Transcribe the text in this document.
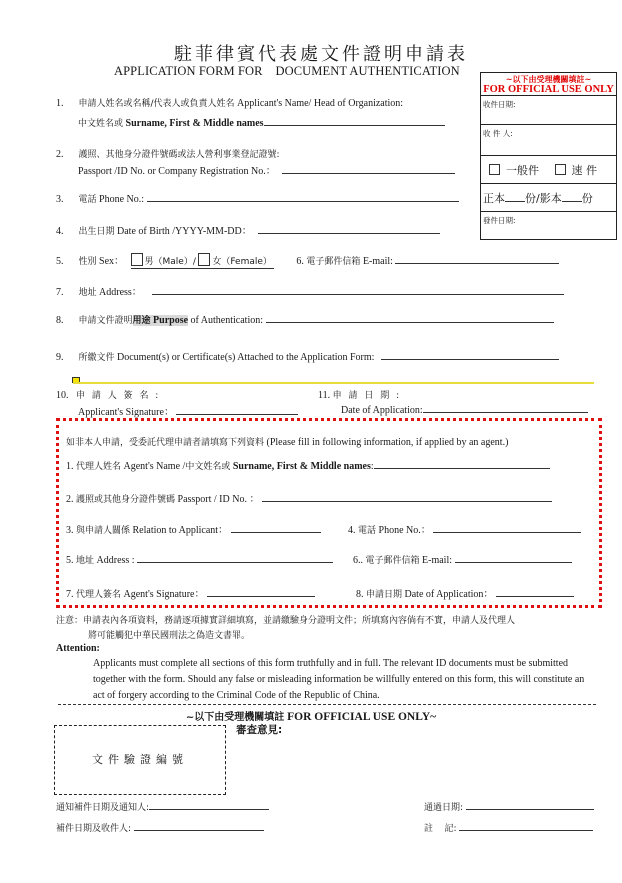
駐菲律賓代表處文件證明申請表
APPLICATION FORM FOR    DOCUMENT AUTHENTICATION
~以下由受理機關填註~
FOR OFFICIAL USE ONLY
收件日期:
收 件 人:
一般件	速 件
正本 份/影本 份
發件日期:
1. 申請人姓名或名稱/代表人或負責人姓名 Applicant's Name/ Head of Organization:
中文姓名或 Surname, First & Middle names
2. 護照、其他身分證件號碼或法人營利事業登記證號:
Passport /ID No. or Company Registration No.：
3. 電話 Phone No.:
4. 出生日期 Date of Birth /YYYY-MM-DD：
5. 性別 Sex： 男（Male）/ 女（Female） 6. 電子郵件信箱 E-mail:
7. 地址 Address：
8. 申請文件證明用途 Purpose of Authentication:
9. 所繳文件 Document(s) or Certificate(s) Attached to the Application Form:
10. 申 請 人 簽 名 :
Applicant's Signature：
11. 申 請 日 期 :
Date of Application:
如非本人申請，受委託代理申請者請填寫下列資料 (Please fill in following information, if applied by an agent.)
1. 代理人姓名 Agent's Name /中文姓名或 Surname, First & Middle names:
2. 護照或其他身分證件號碼 Passport / ID No. ：
3. 與申請人關係 Relation to Applicant：	4. 電話 Phone No.：
5. 地址 Address :	6.. 電子郵件信箱 E-mail:
7. 代理人簽名 Agent's Signature：	8. 申請日期 Date of Application：
注意：申請表內各項資料，務請逐項據實詳細填寫，並請繳驗身分證明文件；所填寫內容倘有不實，申請人及代理人
將可能觸犯中華民國刑法之偽造文書罪。
Attention:
Applicants must complete all sections of this form truthfully and in full. The relevant ID documents must be submitted together with the form. Should any false or misleading information be willfully entered on this form, this will constitute an act of forgery according to the Criminal Code of the Republic of China.
~以下由受理機關填註 FOR OFFICIAL USE ONLY~
審查意見:
文件驗證編號
通知補件日期及通知人:	通過日期:
補件日期及收件人:	註    記:
